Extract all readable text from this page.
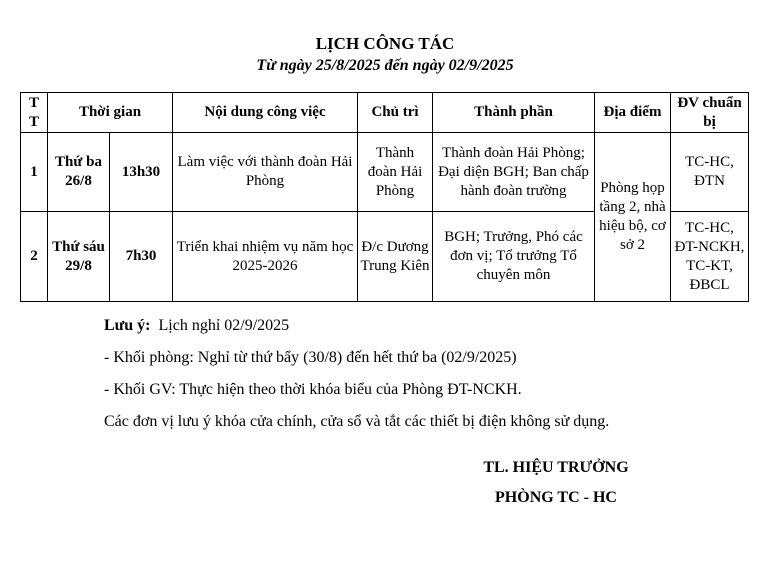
LỊCH CÔNG TÁC
Từ ngày 25/8/2025 đến ngày 02/9/2025
T T	Thời gian		Nội dung công việc	Chủ trì	Thành phần	Địa điểm	ĐV chuẩn bị
1	Thứ ba 26/8	13h30	Làm việc với thành đoàn Hải Phòng	Thành đoàn Hải Phòng	Thành đoàn Hải Phòng; Đại diện BGH; Ban chấp hành đoàn trường	Phòng họp tầng 2, nhà hiệu bộ, cơ sở 2	TC-HC, ĐTN
2	Thứ sáu 29/8	7h30	Triển khai nhiệm vụ năm học 2025-2026	Đ/c Dương Trung Kiên	BGH; Trưởng, Phó các đơn vị; Tổ trưởng Tổ chuyên môn		TC-HC, ĐT-NCKH, TC-KT, ĐBCL

Lưu ý: Lịch nghỉ 02/9/2025

- Khối phòng: Nghỉ từ thứ bẩy (30/8) đến hết thứ ba (02/9/2025)

- Khối GV: Thực hiện theo thời khóa biểu của Phòng ĐT-NCKH.

Các đơn vị lưu ý khóa cửa chính, cửa sổ và tắt các thiết bị điện không sử dụng.

TL. HIỆU TRƯỞNG
PHÒNG TC - HC
